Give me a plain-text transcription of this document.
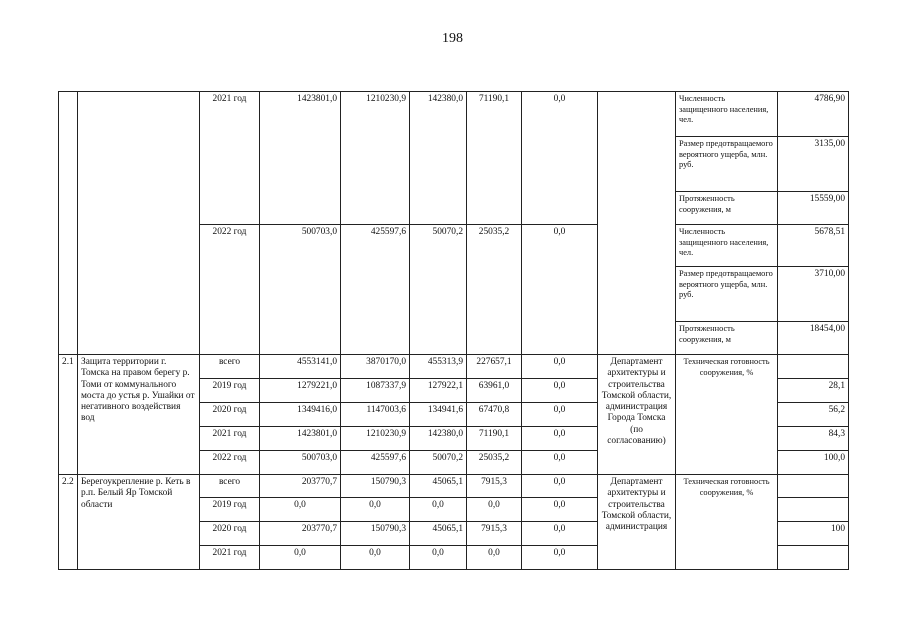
198
		2021 год	1423801,0	1210230,9	142380,0	71190,1	0,0		Численность защищенного населения, чел.	4786,90
									Размер предотвращаемого вероятного ущерба, млн. руб.	3135,00
									Протяженность сооружения, м	15559,00
		2022 год	500703,0	425597,6	50070,2	25035,2	0,0		Численность защищенного населения, чел.	5678,51
									Размер предотвращаемого вероятного ущерба, млн. руб.	3710,00
									Протяженность сооружения, м	18454,00
2.1	Защита территории г. Томска на правом берегу р. Томи от коммунального моста до устья р. Ушайки от негативного воздействия вод	всего	4553141,0	3870170,0	455313,9	227657,1	0,0	Департамент архитектуры и строительства Томской области, администрация Города Томска (по согласованию)	Техническая готовность сооружения, %	
		2019 год	1279221,0	1087337,9	127922,1	63961,0	0,0			28,1
		2020 год	1349416,0	1147003,6	134941,6	67470,8	0,0			56,2
		2021 год	1423801,0	1210230,9	142380,0	71190,1	0,0			84,3
		2022 год	500703,0	425597,6	50070,2	25035,2	0,0			100,0
2.2	Берегоукрепление р. Кеть в р.п. Белый Яр Томской области	всего	203770,7	150790,3	45065,1	7915,3	0,0	Департамент архитектуры и строительства Томской области, администрация	Техническая готовность сооружения, %	
		2019 год	0,0	0,0	0,0	0,0	0,0			
		2020 год	203770,7	150790,3	45065,1	7915,3	0,0			100
		2021 год	0,0	0,0	0,0	0,0	0,0			
